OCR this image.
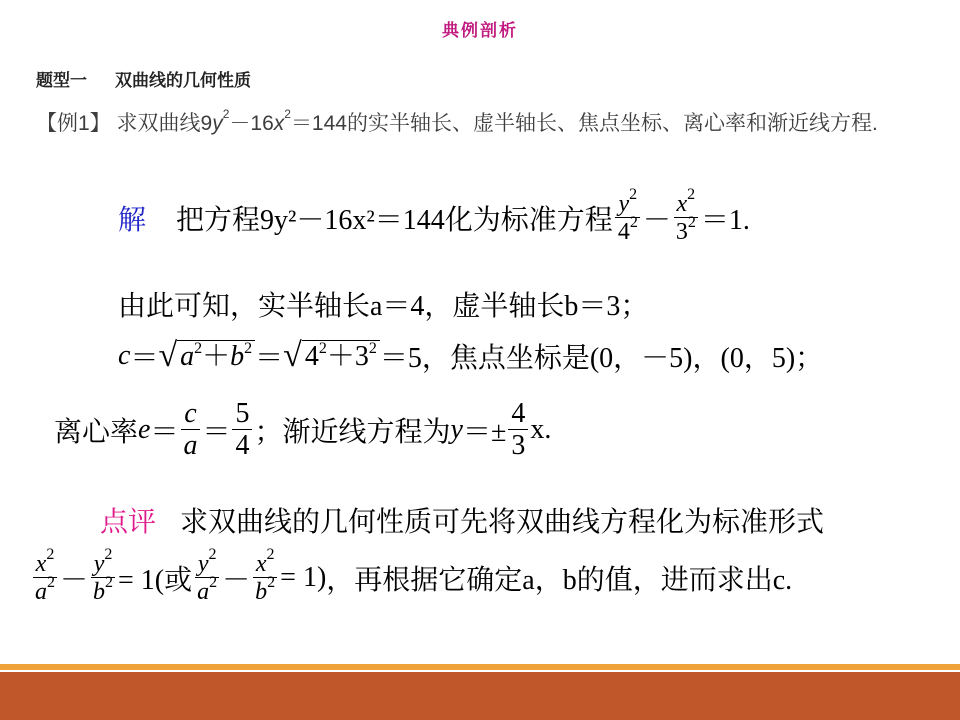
典例剖析
题型一 双曲线的几何性质
【例1】 求双曲线$9y^2-16x^2=144$的实半轴长、虚半轴长、焦点坐标、离心率和渐近线方程.
解 把方程9y²－16x²＝144化为标准方程 $\frac{y^2}{4^2} - \frac{x^2}{3^2} =1$.
由此可知，实半轴长a＝4，虚半轴长b＝3；
c ＝ √ $a^2+b^2$ ＝ √ $4^2+3^2 =5$，焦点坐标是(0，－5)，(0，5)；
离心率 $e = \frac{c}{a} = \frac{5}{4}$ ；渐近线方程为 $y =\pm \frac{4}{3} x$.
点评 求双曲线的几何性质可先将双曲线方程化为标准形式
$\frac{x^2}{a^2} - \frac{y^2}{b^2} = 1$(或 $\frac{y^2}{a^2} - \frac{x^2}{b^2} = 1$) ，再根据它确定a，b的值，进而求出c.
